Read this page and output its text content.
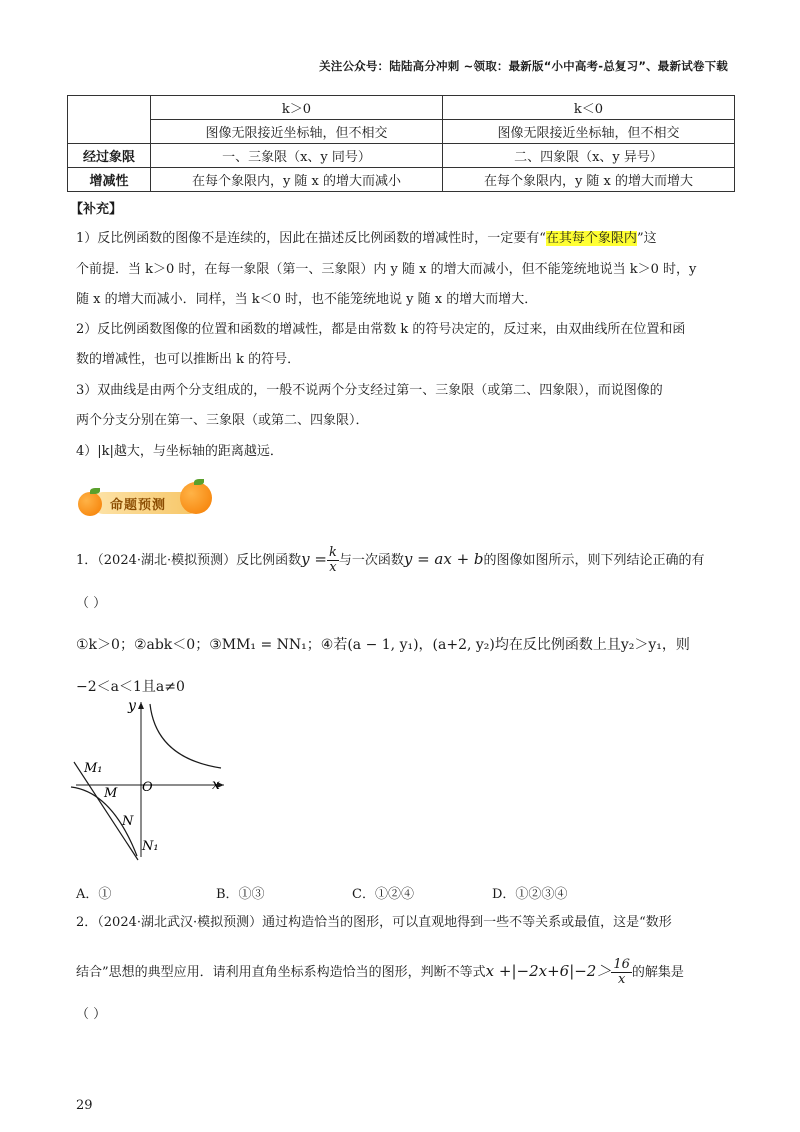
关注公众号：陆陆高分冲刺 ~领取：最新版“小中高考-总复习”、最新试卷下载
	k＞0	k＜0
	图像无限接近坐标轴，但不相交	图像无限接近坐标轴，但不相交
经过象限	一、三象限（x、y 同号）	二、四象限（x、y 异号）
增减性	在每个象限内，y 随 x 的增大而减小	在每个象限内，y 随 x 的增大而增大
【补充】
1）反比例函数的图像不是连续的，因此在描述反比例函数的增减性时，一定要有“在其每个象限内”这
个前提．当 k＞0 时，在每一象限（第一、三象限）内 y 随 x 的增大而减小，但不能笼统地说当 k＞0 时，y
随 x 的增大而减小．同样，当 k＜0 时，也不能笼统地说 y 随 x 的增大而增大．
2）反比例函数图像的位置和函数的增减性，都是由常数 k 的符号决定的，反过来，由双曲线所在位置和函
数的增减性，也可以推断出 k 的符号．
3）双曲线是由两个分支组成的，一般不说两个分支经过第一、三象限（或第二、四象限），而说图像的
两个分支分别在第一、三象限（或第二、四象限）．
4）|k|越大，与坐标轴的距离越远．
命题预测
1．（2024·湖北·模拟预测）反比例函数$y = \frac{k}{x}$ 与一次函数y = ax + b的图像如图所示，则下列结论正确的有
（ ）
①k＞0；②abk＜0；③MM₁ = NN₁；④若(a − 1, y₁)，(a+2, y₂)均在反比例函数上且y₂＞y₁，则
−2＜a＜1且a≠0
M₁
M O	x
y
N
N₁
A．①	B．①③	C．①②④	D．①②③④
2．（2024·湖北武汉·模拟预测）通过构造恰当的图形，可以直观地得到一些不等关系或最值，这是“数形
结合”思想的典型应用．请利用直角坐标系构造恰当的图形，判断不等式$x +|-2x+6|-2> \frac{16}{x}$ 的解集是
（ ）
29
